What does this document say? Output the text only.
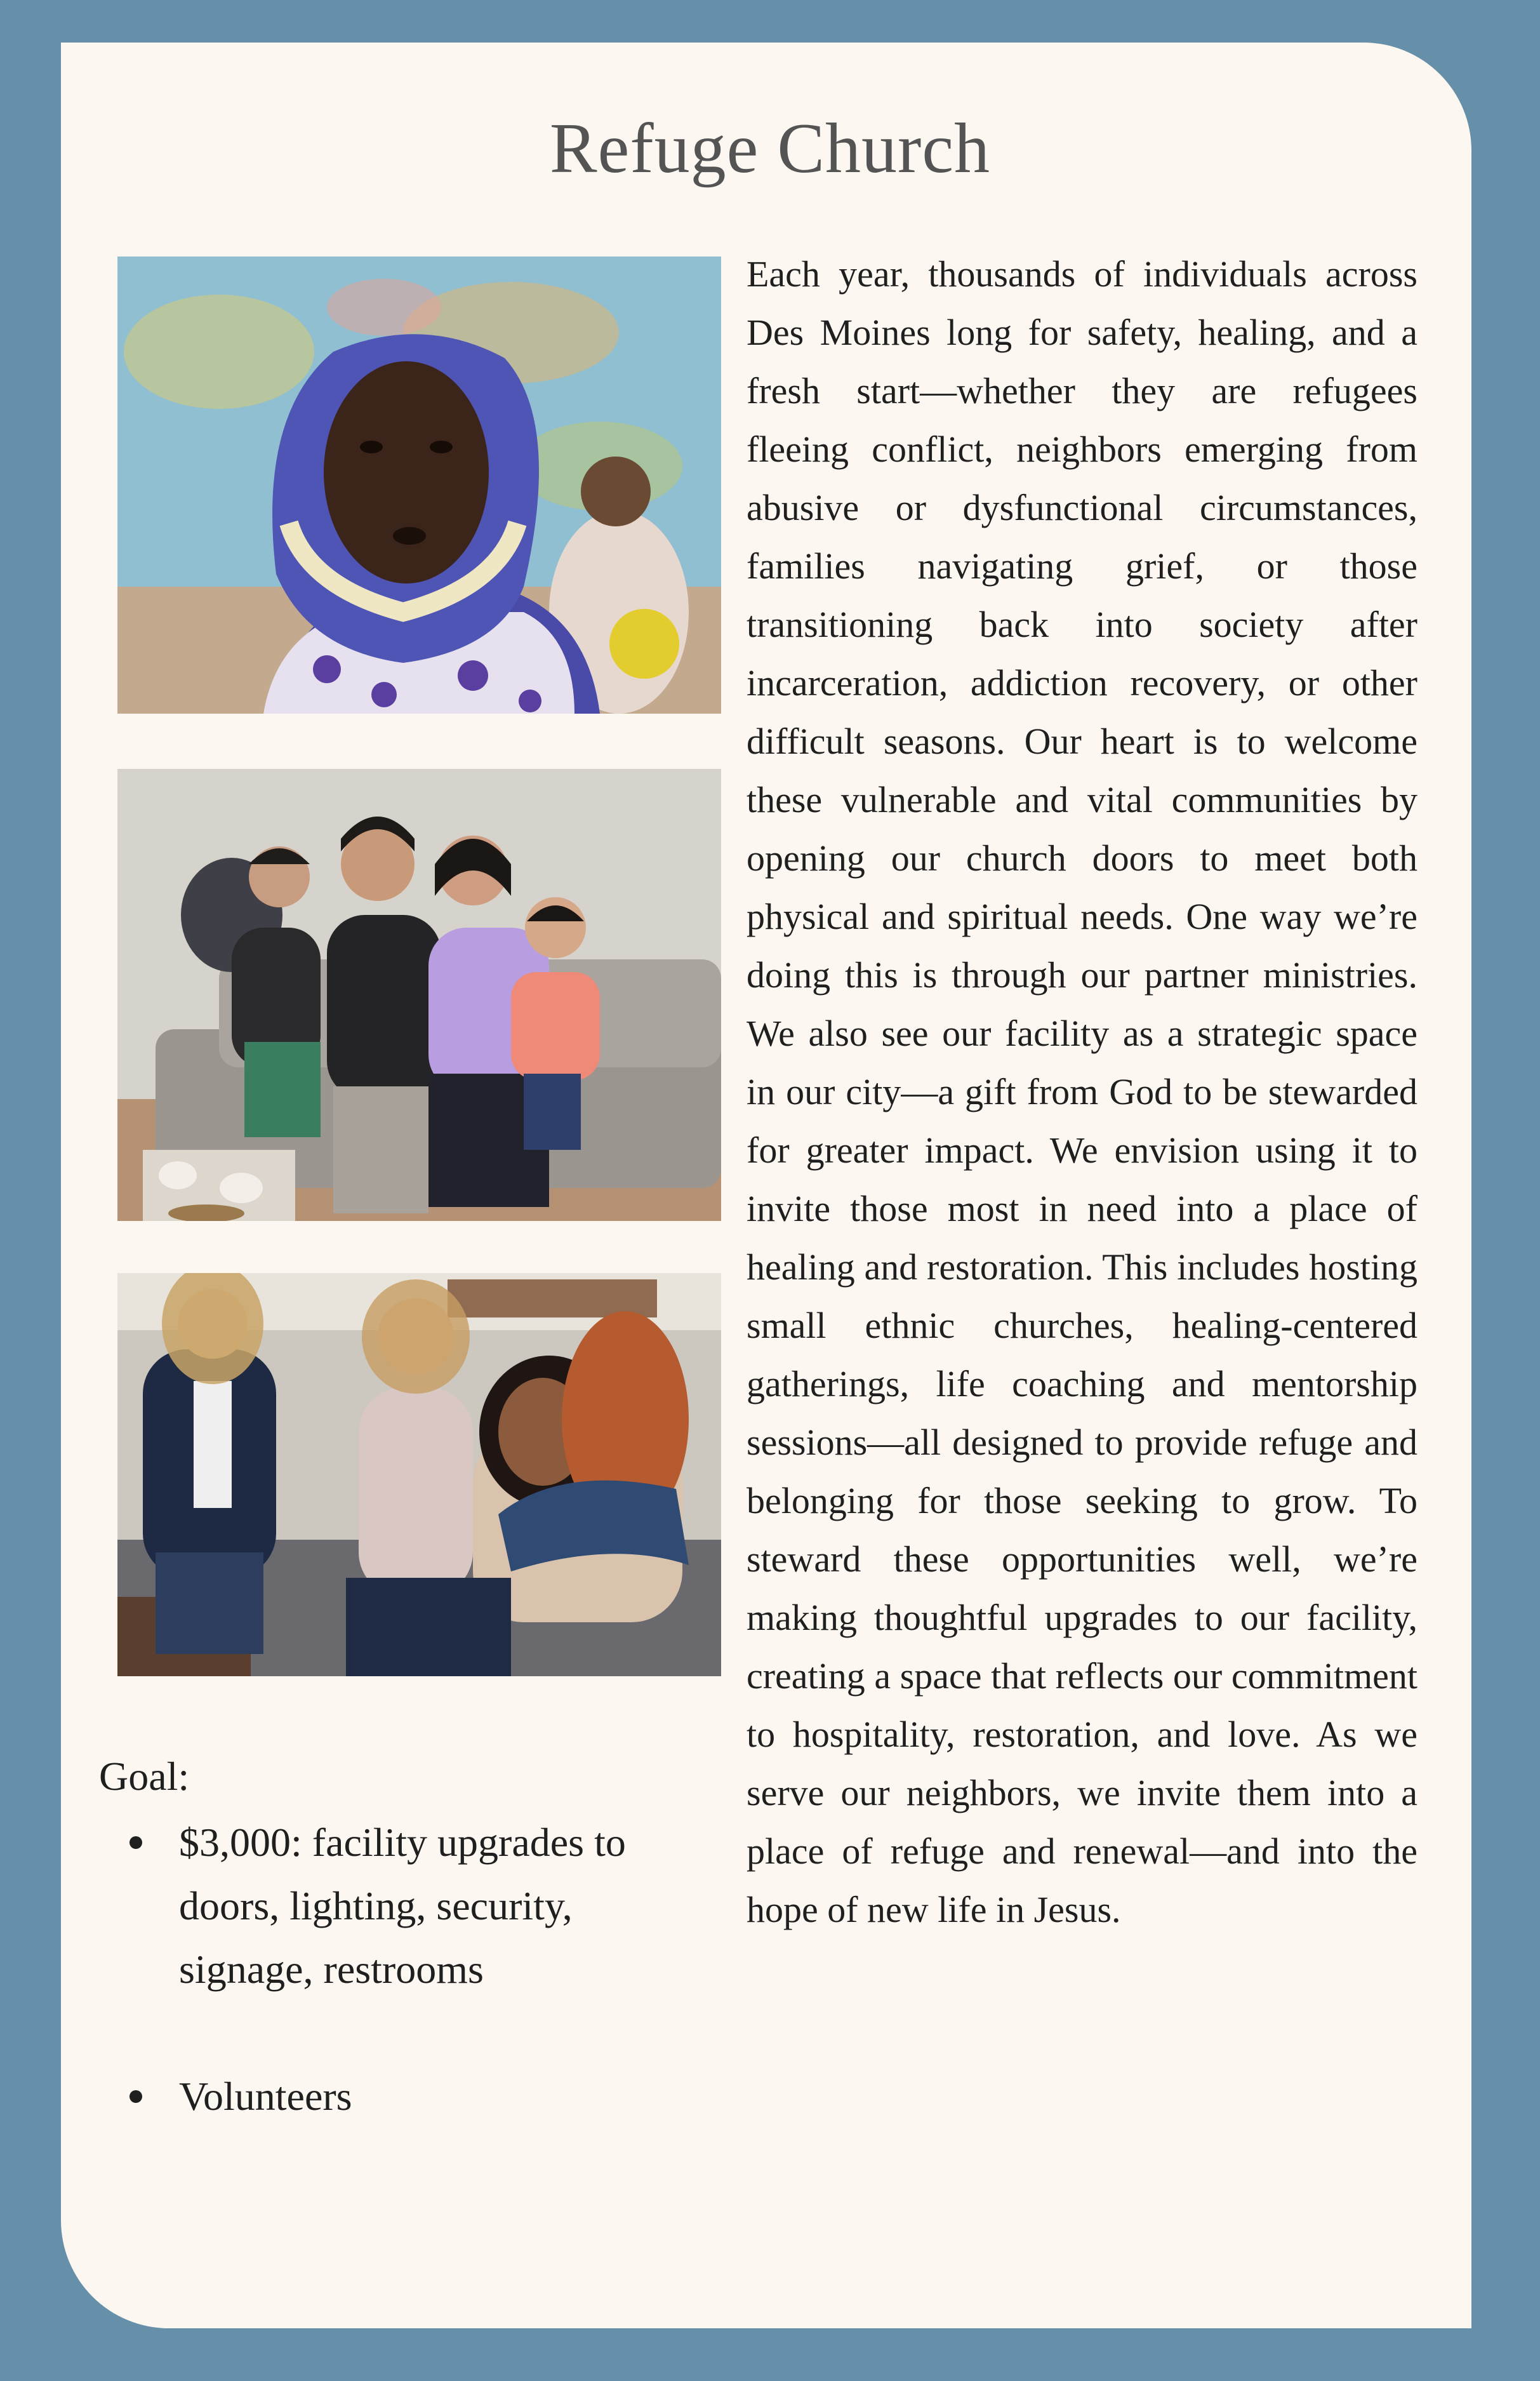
Refuge Church

Each year, thousands of individuals across Des Moines long for safety, healing, and a fresh start—whether they are refugees fleeing conflict, neighbors emerging from abusive or dysfunctional circumstances, families navigating grief, or those transitioning back into society after incarceration, addiction recovery, or other difficult seasons. Our heart is to welcome these vulnerable and vital communities by opening our church doors to meet both physical and spiritual needs. One way we’re doing this is through our partner ministries. We also see our facility as a strategic space in our city—a gift from God to be stewarded for greater impact. We envision using it to invite those most in need into a place of healing and restoration. This includes hosting small ethnic churches, healing-centered gatherings, life coaching and mentorship sessions—all designed to provide refuge and belonging for those seeking to grow. To steward these opportunities well, we’re making thoughtful upgrades to our facility, creating a space that reflects our commitment to hospitality, restoration, and love. As we serve our neighbors, we invite them into a place of refuge and renewal—and into the hope of new life in Jesus.

Goal:

$3,000: facility upgrades to doors, lighting, security, signage, restrooms
Volunteers
